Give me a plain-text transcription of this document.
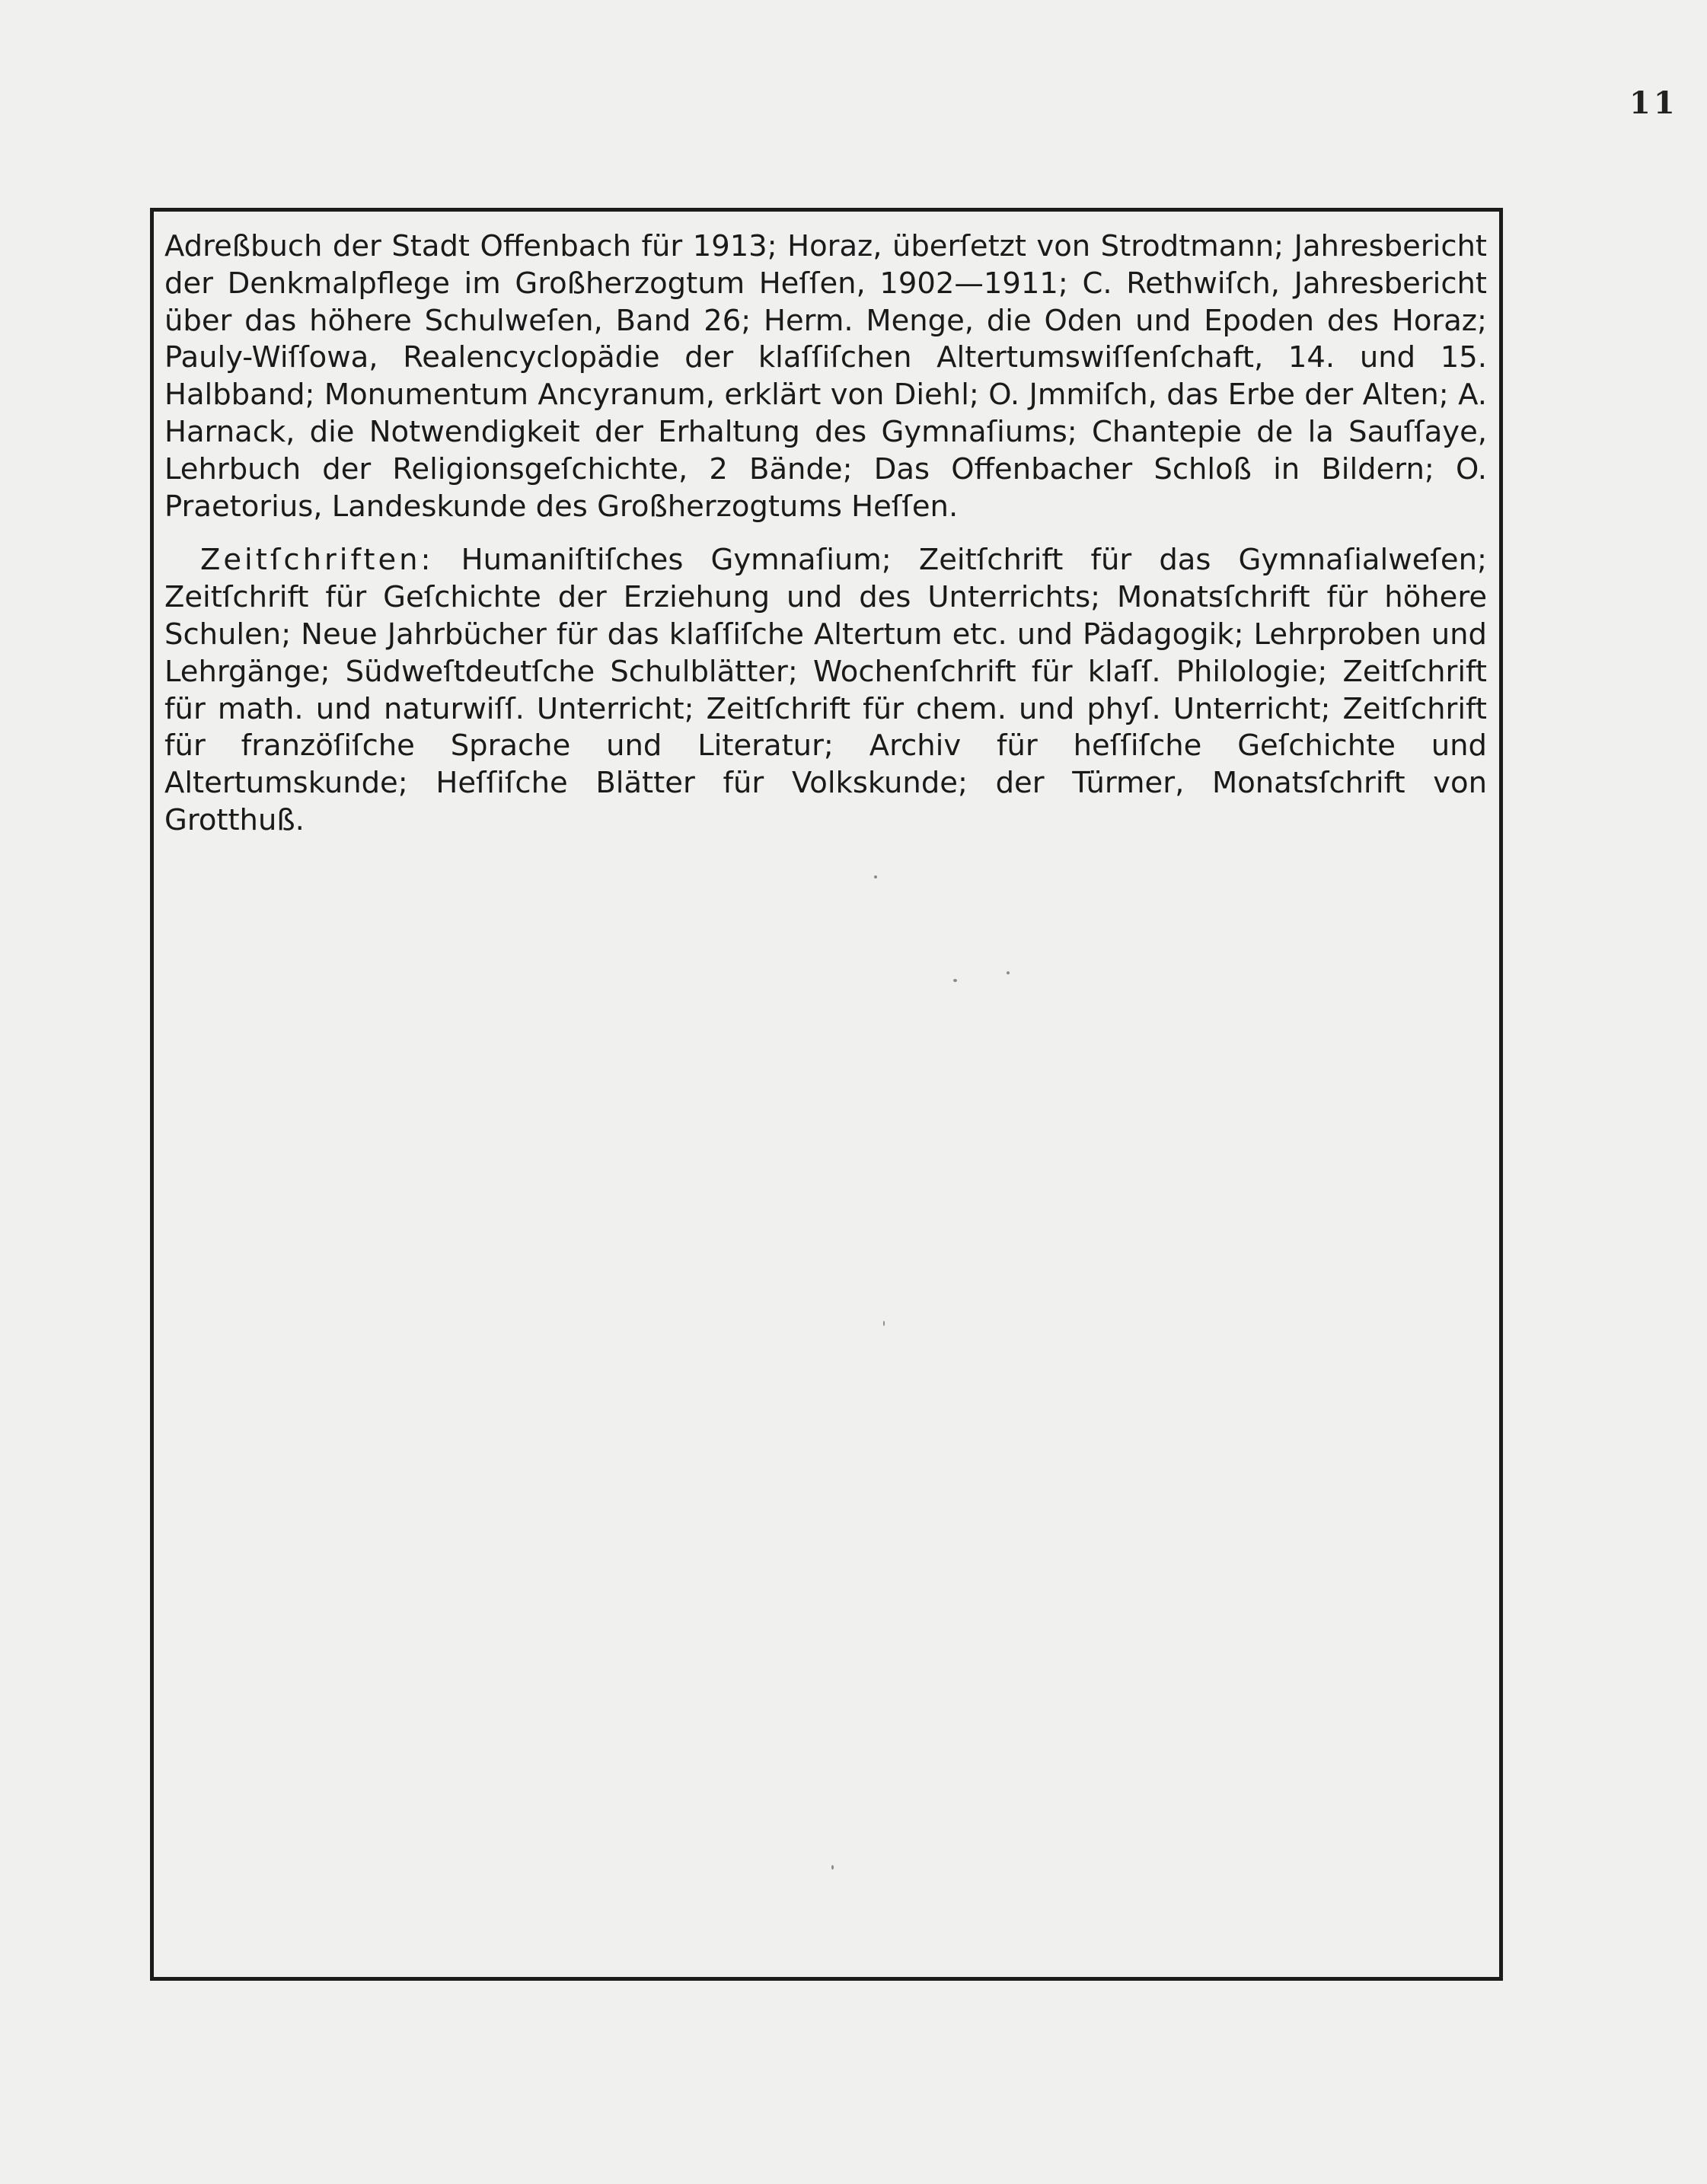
11

Adreßbuch der Stadt Offenbach für 1913; Horaz, überſetzt von Strodtmann; Jahresbericht der Denkmalpflege im Großherzogtum Heſſen, 1902—1911; C. Rethwiſch, Jahresbericht über das höhere Schulweſen, Band 26; Herm. Menge, die Oden und Epoden des Horaz; Pauly-Wiſſowa, Realencyclopädie der klaſſiſchen Altertumswiſſenſchaft, 14. und 15. Halbband; Monumentum Ancyranum, erklärt von Diehl; O. Jmmiſch, das Erbe der Alten; A. Harnack, die Notwendigkeit der Erhaltung des Gymnaſiums; Chantepie de la Sauſſaye, Lehrbuch der Religionsgeſchichte, 2 Bände; Das Offenbacher Schloß in Bildern; O. Praetorius, Landeskunde des Großherzogtums Heſſen.

Zeitſchriften: Humaniſtiſches Gymnaſium; Zeitſchrift für das Gymnaſialweſen; Zeitſchrift für Geſchichte der Erziehung und des Unterrichts; Monatsſchrift für höhere Schulen; Neue Jahrbücher für das klaſſiſche Altertum etc. und Pädagogik; Lehrproben und Lehrgänge; Südweſtdeutſche Schulblätter; Wochenſchrift für klaſſ. Philologie; Zeitſchrift für math. und naturwiſſ. Unterricht; Zeitſchrift für chem. und phyſ. Unterricht; Zeitſchrift für franzöſiſche Sprache und Literatur; Archiv für heſſiſche Geſchichte und Altertumskunde; Heſſiſche Blätter für Volkskunde; der Türmer, Monatsſchrift von Grotthuß.
